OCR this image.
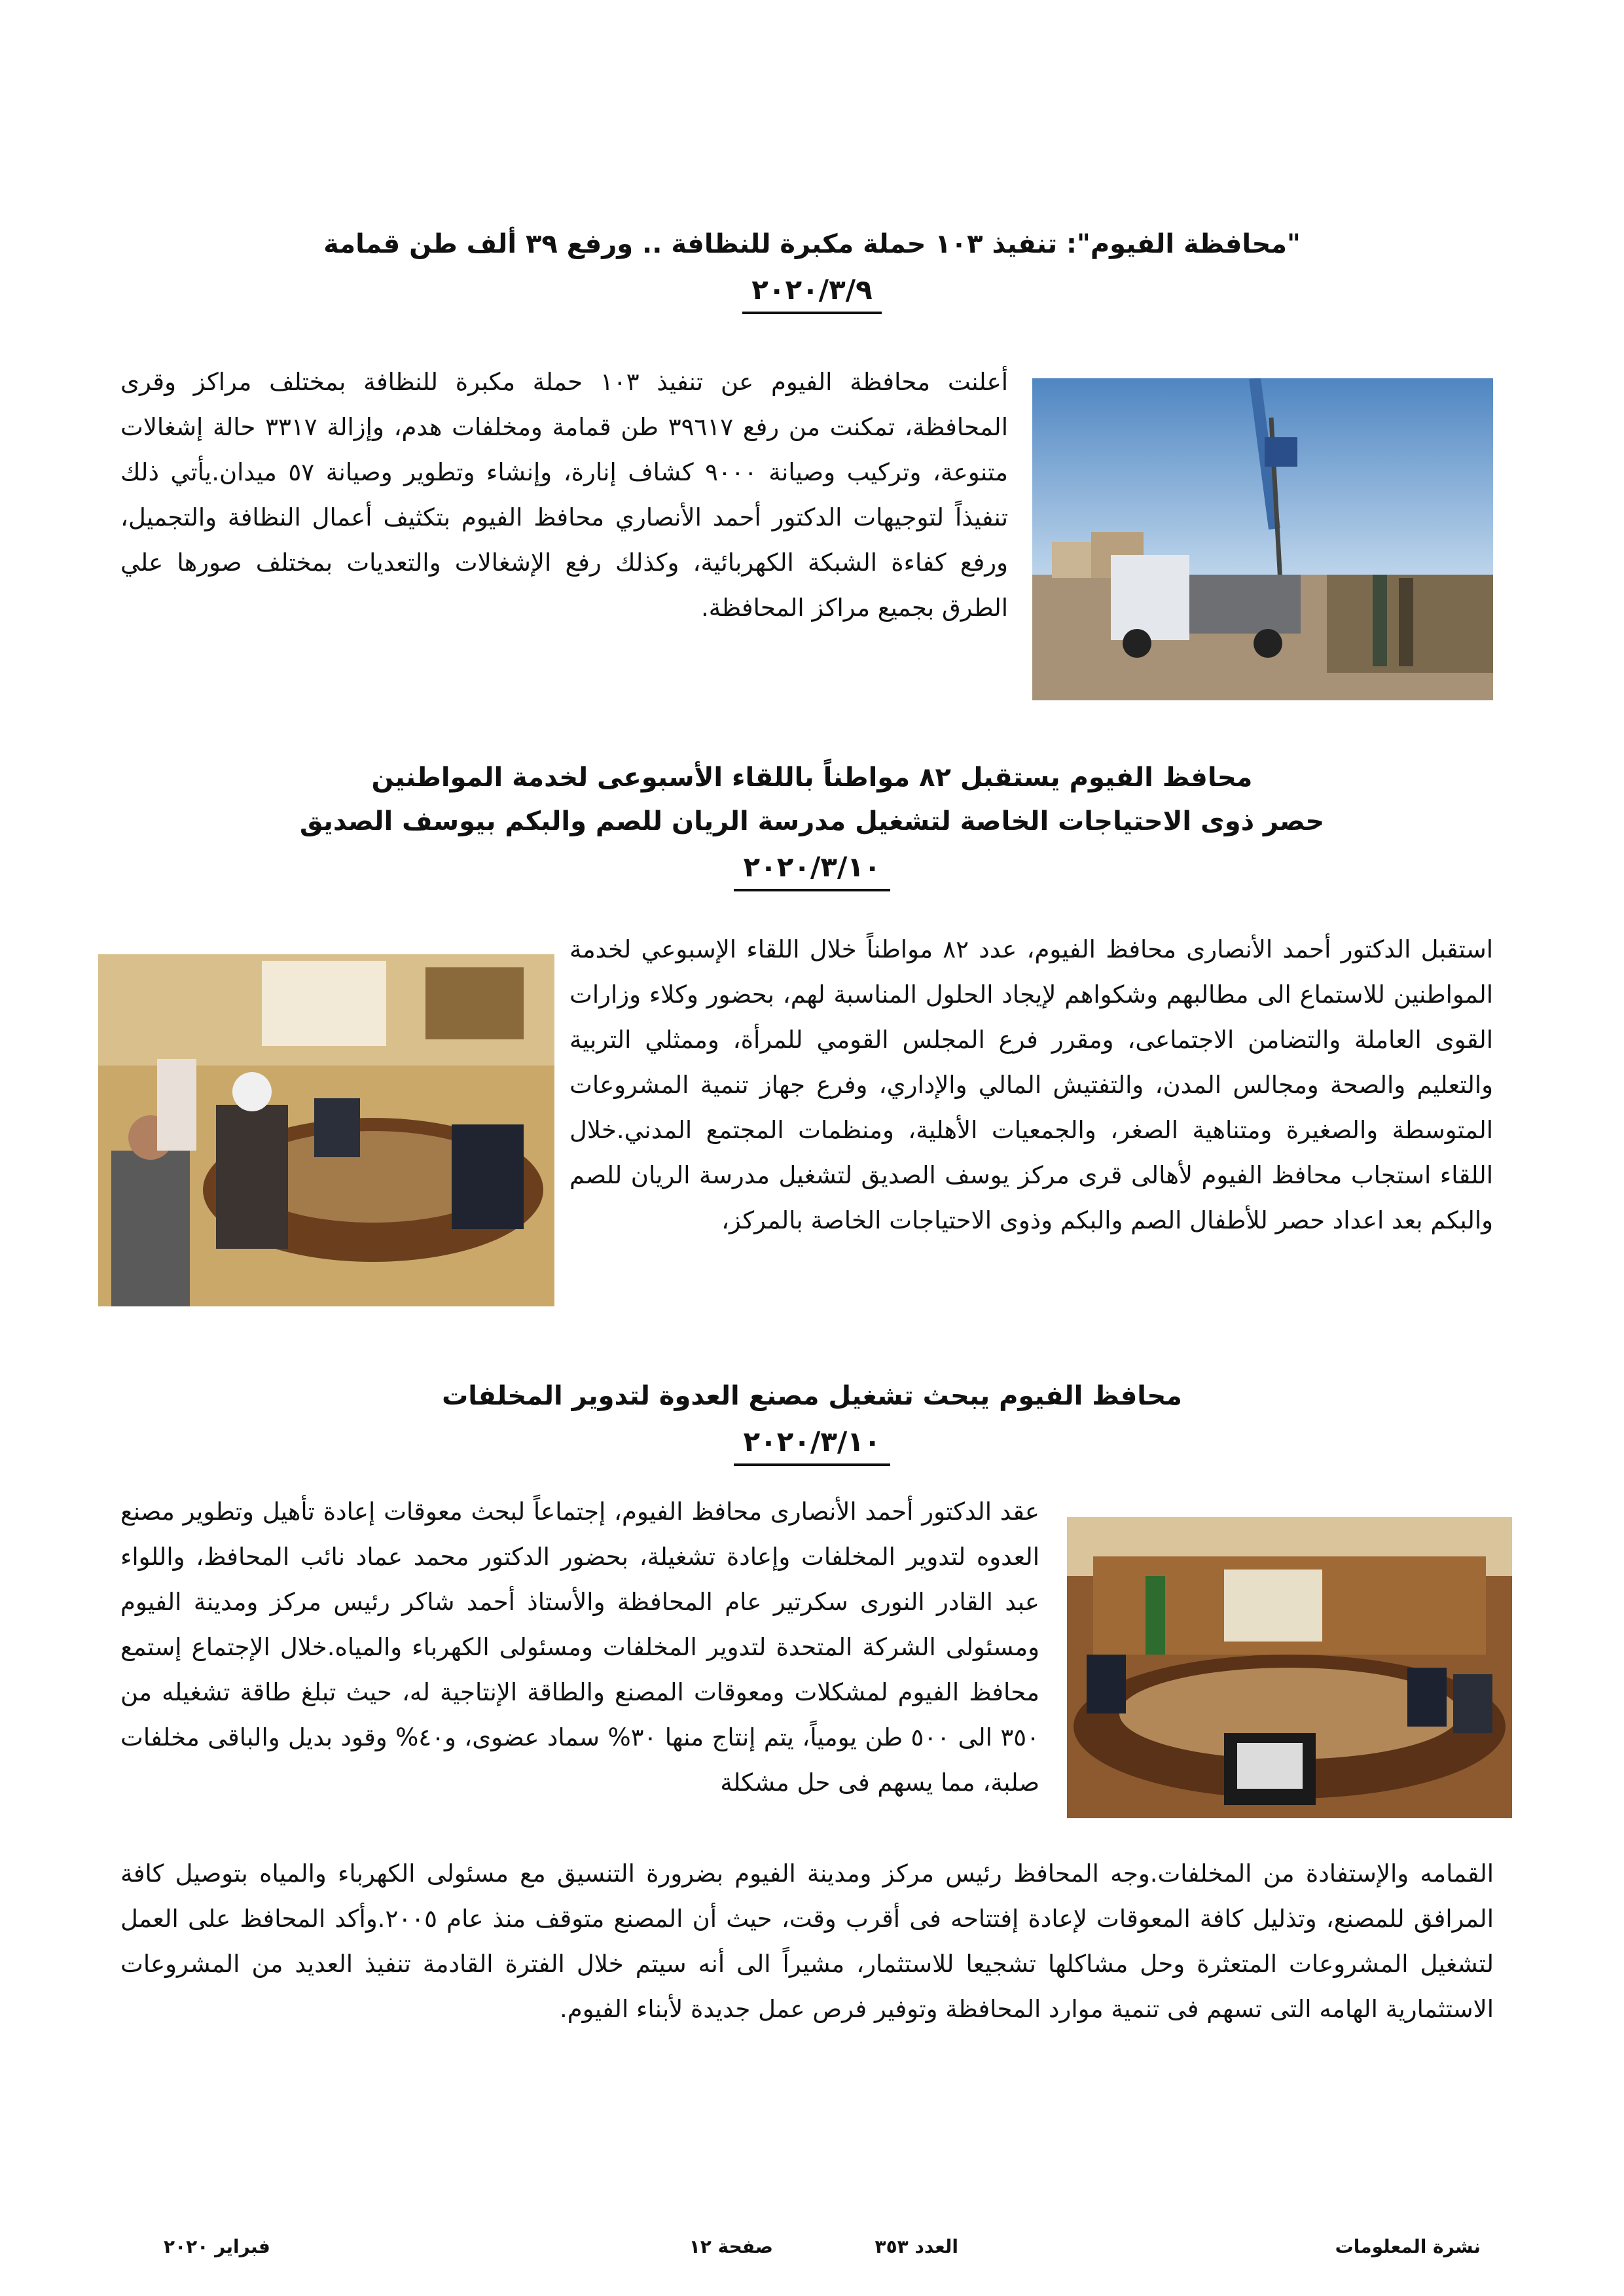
"محافظة الفيوم": تنفيذ ١٠٣ حملة مكبرة للنظافة .. ورفع ٣٩ ألف طن قمامة
٢٠٢٠/٣/٩

أعلنت محافظة الفيوم عن تنفيذ ١٠٣ حملة مكبرة للنظافة بمختلف مراكز وقرى المحافظة، تمكنت من رفع ٣٩٦١٧ طن قمامة ومخلفات هدم، وإزالة ٣٣١٧ حالة إشغالات متنوعة، وتركيب وصيانة ٩٠٠٠ كشاف إنارة، وإنشاء وتطوير وصيانة ٥٧ ميدان.يأتي ذلك تنفيذاً لتوجيهات الدكتور أحمد الأنصاري محافظ الفيوم بتكثيف أعمال النظافة والتجميل، ورفع كفاءة الشبكة الكهربائية، وكذلك رفع الإشغالات والتعديات بمختلف صورها علي الطرق بجميع مراكز المحافظة.

محافظ الفيوم يستقبل ٨٢ مواطناً باللقاء الأسبوعى لخدمة المواطنين
حصر ذوى الاحتياجات الخاصة لتشغيل مدرسة الريان للصم والبكم بيوسف الصديق
٢٠٢٠/٣/١٠

استقبل الدكتور أحمد الأنصارى محافظ الفيوم، عدد ٨٢ مواطناً خلال اللقاء الإسبوعي لخدمة المواطنين للاستماع الى مطالبهم وشكواهم لإيجاد الحلول المناسبة لهم، بحضور وكلاء وزارات القوى العاملة والتضامن الاجتماعى، ومقرر فرع المجلس القومي للمرأة، وممثلي التربية والتعليم والصحة ومجالس المدن، والتفتيش المالي والإداري، وفرع جهاز تنمية المشروعات المتوسطة والصغيرة ومتناهية الصغر، والجمعيات الأهلية، ومنظمات المجتمع المدني.خلال اللقاء استجاب محافظ الفيوم لأهالى قرى مركز يوسف الصديق لتشغيل مدرسة الريان للصم والبكم بعد اعداد حصر للأطفال الصم والبكم وذوى الاحتياجات الخاصة بالمركز،

محافظ الفيوم يبحث تشغيل مصنع العدوة لتدوير المخلفات
٢٠٢٠/٣/١٠

عقد الدكتور أحمد الأنصارى محافظ الفيوم، إجتماعاً لبحث معوقات إعادة تأهيل وتطوير مصنع العدوه لتدوير المخلفات وإعادة تشغيلة، بحضور الدكتور محمد عماد نائب المحافظ، واللواء عبد القادر النورى سكرتير عام المحافظة والأستاذ أحمد شاكر رئيس مركز ومدينة الفيوم ومسئولى الشركة المتحدة لتدوير المخلفات ومسئولى الكهرباء والمياه.خلال الإجتماع إستمع محافظ الفيوم لمشكلات ومعوقات المصنع والطاقة الإنتاجية له، حيث تبلغ طاقة تشغيله من ٣٥٠ الى ٥٠٠ طن يومياً، يتم إنتاج منها ٣٠% سماد عضوى، و٤٠% وقود بديل والباقى مخلفات صلبة، مما يسهم فى حل مشكلة

القمامه والإستفادة من المخلفات.وجه المحافظ رئيس مركز ومدينة الفيوم بضرورة التنسيق مع مسئولى الكهرباء والمياه بتوصيل كافة المرافق للمصنع، وتذليل كافة المعوقات لإعادة إفتتاحه فى أقرب وقت، حيث أن المصنع متوقف منذ عام ٢٠٠٥.وأكد المحافظ على العمل لتشغيل المشروعات المتعثرة وحل مشاكلها تشجيعا للاستثمار، مشيراً الى أنه سيتم خلال الفترة القادمة تنفيذ العديد من المشروعات الاستثمارية الهامه التى تسهم فى تنمية موارد المحافظة وتوفير فرص عمل جديدة لأبناء الفيوم.

نشرة المعلومات
العدد ٣٥٣
صفحة ١٢
فبراير ٢٠٢٠
